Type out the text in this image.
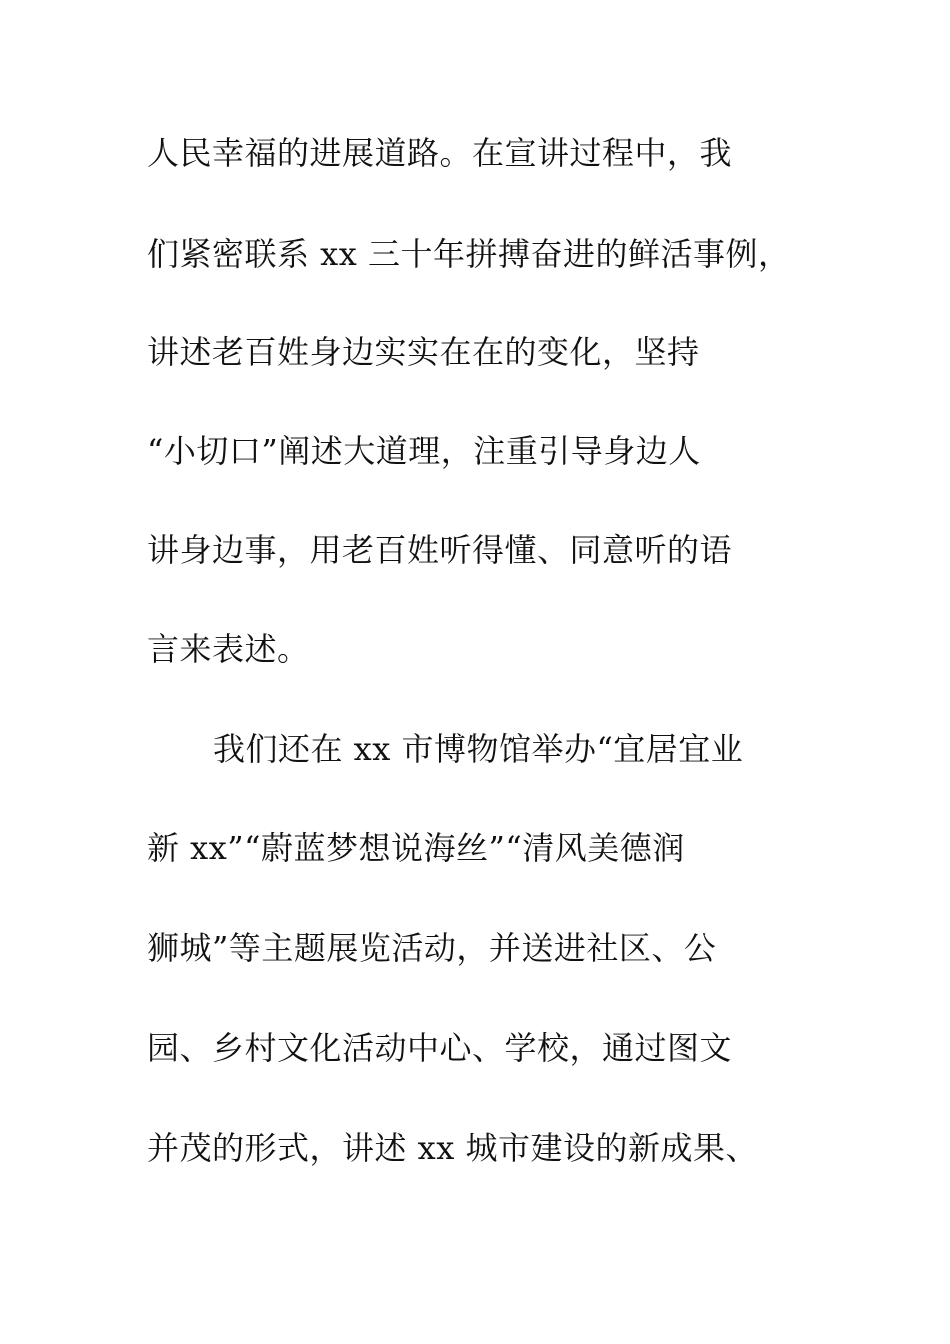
人民幸福的进展道路。在宣讲过程中，我
们紧密联系 xx 三十年拼搏奋进的鲜活事例，
讲述老百姓身边实实在在的变化，坚持
“小切口”阐述大道理，注重引导身边人
讲身边事，用老百姓听得懂、同意听的语
言来表述。
我们还在 xx 市博物馆举办“宜居宜业
新 xx”“蔚蓝梦想说海丝”“清风美德润
狮城”等主题展览活动，并送进社区、公
园、乡村文化活动中心、学校，通过图文
并茂的形式，讲述 xx 城市建设的新成果、
